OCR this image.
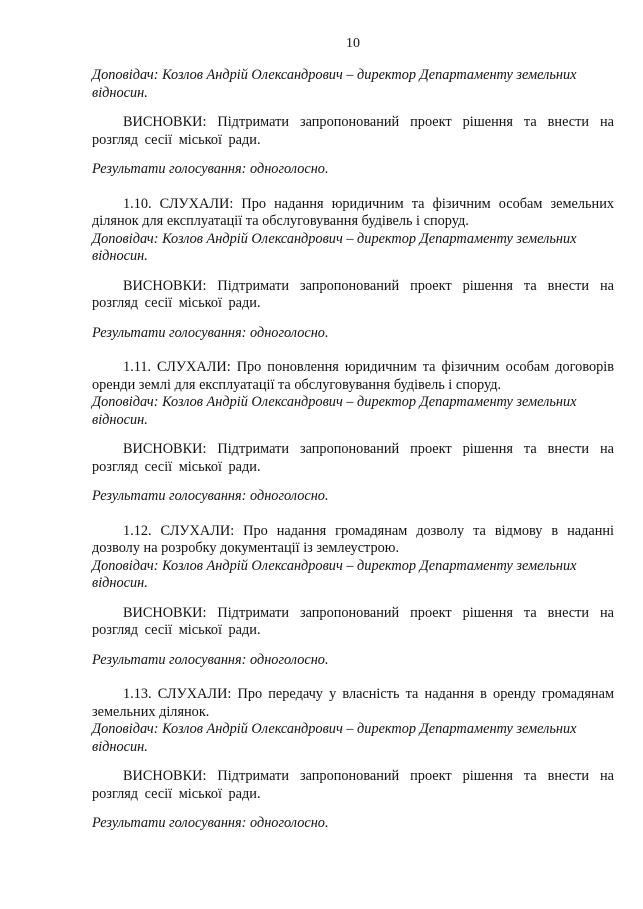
10

Доповідач: Козлов Андрій Олександрович – директор Департаменту земельних відносин.

ВИСНОВКИ: Підтримати запропонований проект рішення та внести на розгляд сесії міської ради.

Результати голосування: одноголосно.

1.10. СЛУХАЛИ: Про надання юридичним та фізичним особам земельних ділянок для експлуатації та обслуговування будівель і споруд.

Доповідач: Козлов Андрій Олександрович – директор Департаменту земельних відносин.

ВИСНОВКИ: Підтримати запропонований проект рішення та внести на розгляд сесії міської ради.

Результати голосування: одноголосно.

1.11. СЛУХАЛИ: Про поновлення юридичним та фізичним особам договорів оренди землі для експлуатації та обслуговування будівель і споруд.

Доповідач: Козлов Андрій Олександрович – директор Департаменту земельних відносин.

ВИСНОВКИ: Підтримати запропонований проект рішення та внести на розгляд сесії міської ради.

Результати голосування: одноголосно.

1.12. СЛУХАЛИ: Про надання громадянам дозволу та відмову в наданні дозволу на розробку документації із землеустрою.

Доповідач: Козлов Андрій Олександрович – директор Департаменту земельних відносин.

ВИСНОВКИ: Підтримати запропонований проект рішення та внести на розгляд сесії міської ради.

Результати голосування: одноголосно.

1.13. СЛУХАЛИ: Про передачу у власність та надання в оренду громадянам земельних ділянок.

Доповідач: Козлов Андрій Олександрович – директор Департаменту земельних відносин.

ВИСНОВКИ: Підтримати запропонований проект рішення та внести на розгляд сесії міської ради.

Результати голосування: одноголосно.
